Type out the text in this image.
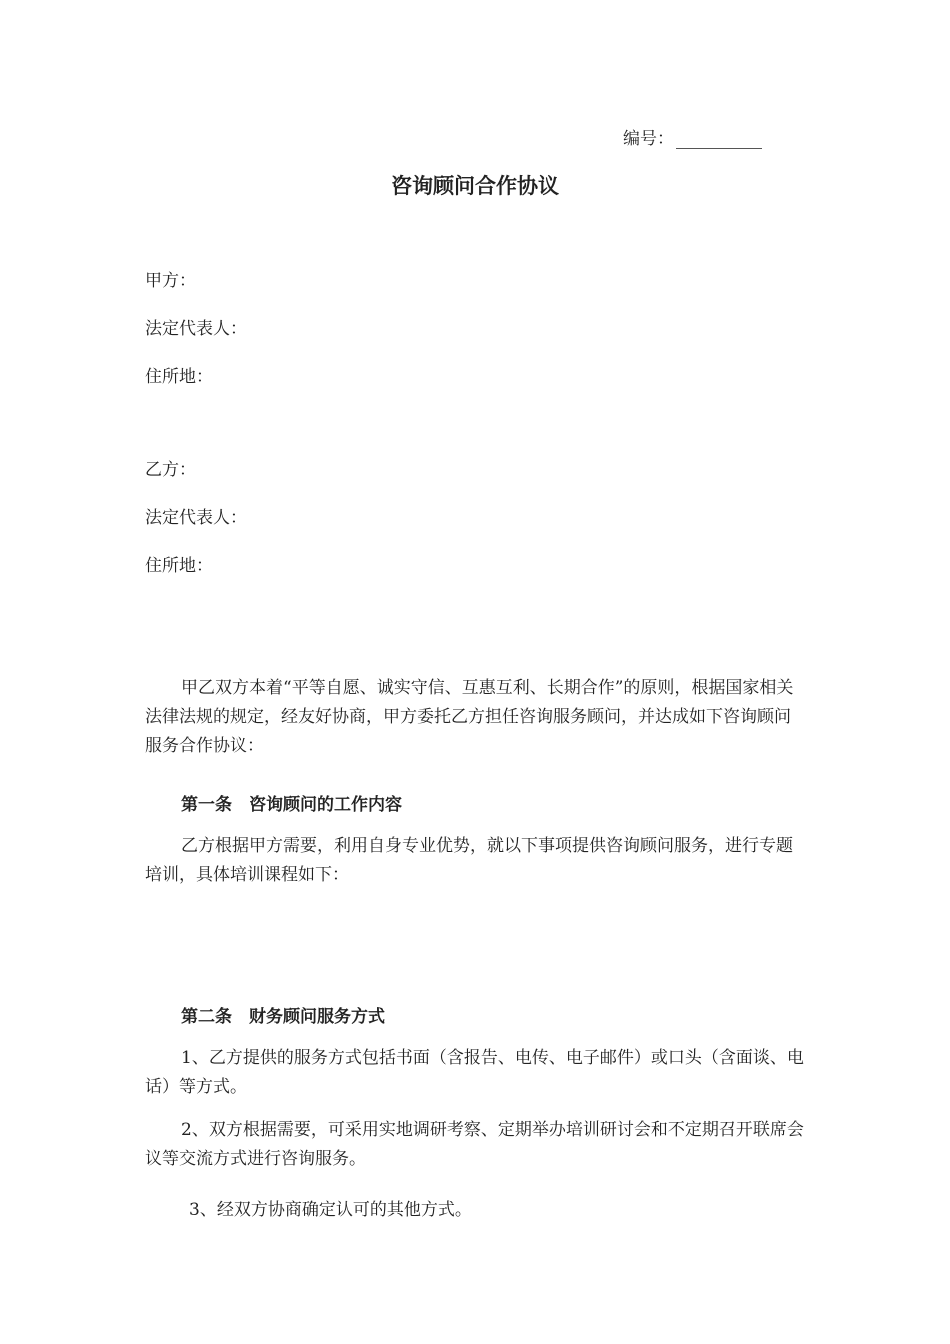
编号：
咨询顾问合作协议
甲方：
法定代表人：
住所地：
乙方：
法定代表人：
住所地：

甲乙双方本着“平等自愿、诚实守信、互惠互利、长期合作”的原则，根据国家相关法律法规的规定，经友好协商，甲方委托乙方担任咨询服务顾问，并达成如下咨询顾问服务合作协议：

第一条　咨询顾问的工作内容

乙方根据甲方需要，利用自身专业优势，就以下事项提供咨询顾问服务，进行专题培训，具体培训课程如下：

第二条　财务顾问服务方式

1、乙方提供的服务方式包括书面（含报告、电传、电子邮件）或口头（含面谈、电话）等方式。

2、双方根据需要，可采用实地调研考察、定期举办培训研讨会和不定期召开联席会议等交流方式进行咨询服务。

3、经双方协商确定认可的其他方式。
